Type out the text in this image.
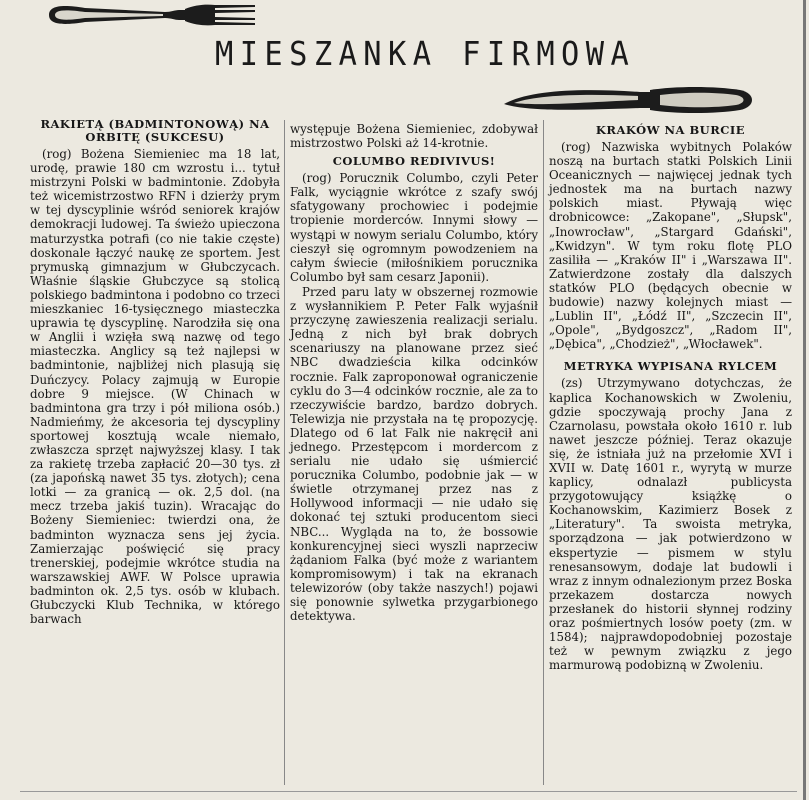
MIESZANKA FIRMOWA
RAKIETĄ (BADMINTONOWĄ) NA ORBITĘ (SUKCESU)

(rog) Bożena Siemieniec ma 18 lat, urodę, prawie 180 cm wzrostu i... tytuł mistrzyni Polski w badmintonie. Zdobyła też wicemistrzostwo RFN i dzierży prym w tej dyscyplinie wśród seniorek krajów demokracji ludowej. Ta świeżo upieczona maturzystka potrafi (co nie takie częste) doskonale łączyć naukę ze sportem. Jest prymuską gimnazjum w Głubczycach. Właśnie śląskie Głubczyce są stolicą polskiego badmintona i podobno co trzeci mieszkaniec 16-tysięcznego miasteczka uprawia tę dyscyplinę. Narodziła się ona w Anglii i wzięła swą nazwę od tego miasteczka. Anglicy są też najlepsi w badmintonie, najbliżej nich plasują się Duńczycy. Polacy zajmują w Europie dobre 9 miejsce. (W Chinach w badmintona gra trzy i pół miliona osób.) Nadmieńmy, że akcesoria tej dyscypliny sportowej kosztują wcale niemało, zwłaszcza sprzęt najwyższej klasy. I tak za rakietę trzeba zapłacić 20—30 tys. zł (za japońską nawet 35 tys. złotych); cena lotki — za granicą — ok. 2,5 dol. (na mecz trzeba jakiś tuzin). Wracając do Bożeny Siemieniec: twierdzi ona, że badminton wyznacza sens jej życia. Zamierzając poświęcić się pracy trenerskiej, podejmie wkrótce studia na warszawskiej AWF. W Polsce uprawia badminton ok. 2,5 tys. osób w klubach. Głubczycki Klub Technika, w którego barwach

występuje Bożena Siemieniec, zdobywał mistrzostwo Polski aż 14-krotnie.

COLUMBO REDIVIVUS!

(rog) Porucznik Columbo, czyli Peter Falk, wyciągnie wkrótce z szafy swój sfatygowany prochowiec i podejmie tropienie morderców. Innymi słowy — wystąpi w nowym serialu Columbo, który cieszył się ogromnym powodzeniem na całym świecie (miłośnikiem porucznika Columbo był sam cesarz Japonii).

Przed paru laty w obszernej rozmowie z wysłannikiem P. Peter Falk wyjaśnił przyczynę zawieszenia realizacji serialu. Jedną z nich był brak dobrych scenariuszy na planowane przez sieć NBC dwadzieścia kilka odcinków rocznie. Falk zaproponował ograniczenie cyklu do 3—4 odcinków rocznie, ale za to rzeczywiście bardzo, bardzo dobrych. Telewizja nie przystała na tę propozycję. Dlatego od 6 lat Falk nie nakręcił ani jednego. Przestępcom i mordercom z serialu nie udało się uśmiercić porucznika Columbo, podobnie jak — w świetle otrzymanej przez nas z Hollywood informacji — nie udało się dokonać tej sztuki producentom sieci NBC... Wygląda na to, że bossowie konkurencyjnej sieci wyszli naprzeciw żądaniom Falka (być może z wariantem kompromisowym) i tak na ekranach telewizorów (oby także naszych!) pojawi się ponownie sylwetka przygarbionego detektywa.

KRAKÓW NA BURCIE

(rog) Nazwiska wybitnych Polaków noszą na burtach statki Polskich Linii Oceanicznych — najwięcej jednak tych jednostek ma na burtach nazwy polskich miast. Pływają więc drobnicowce: „Zakopane", „Słupsk", „Inowrocław", „Stargard Gdański", „Kwidzyn". W tym roku flotę PLO zasiliła — „Kraków II" i „Warszawa II". Zatwierdzone zostały dla dalszych statków PLO (będących obecnie w budowie) nazwy kolejnych miast — „Lublin II", „Łódź II", „Szczecin II", „Opole", „Bydgoszcz", „Radom II", „Dębica", „Chodzież", „Włocławek".

METRYKA WYPISANA RYLCEM

(zs) Utrzymywano dotychczas, że kaplica Kochanowskich w Zwoleniu, gdzie spoczywają prochy Jana z Czarnolasu, powstała około 1610 r. lub nawet jeszcze później. Teraz okazuje się, że istniała już na przełomie XVI i XVII w. Datę 1601 r., wyrytą w murze kaplicy, odnalazł publicysta przygotowujący książkę o Kochanowskim, Kazimierz Bosek z „Literatury". Ta swoista metryka, sporządzona — jak potwierdzono w ekspertyzie — pismem w stylu renesansowym, dodaje lat budowli i wraz z innym odnalezionym przez Boska przekazem dostarcza nowych przesłanek do historii słynnej rodziny oraz pośmiertnych losów poety (zm. w 1584); najprawdopodobniej pozostaje też w pewnym związku z jego marmurową podobizną w Zwoleniu.
